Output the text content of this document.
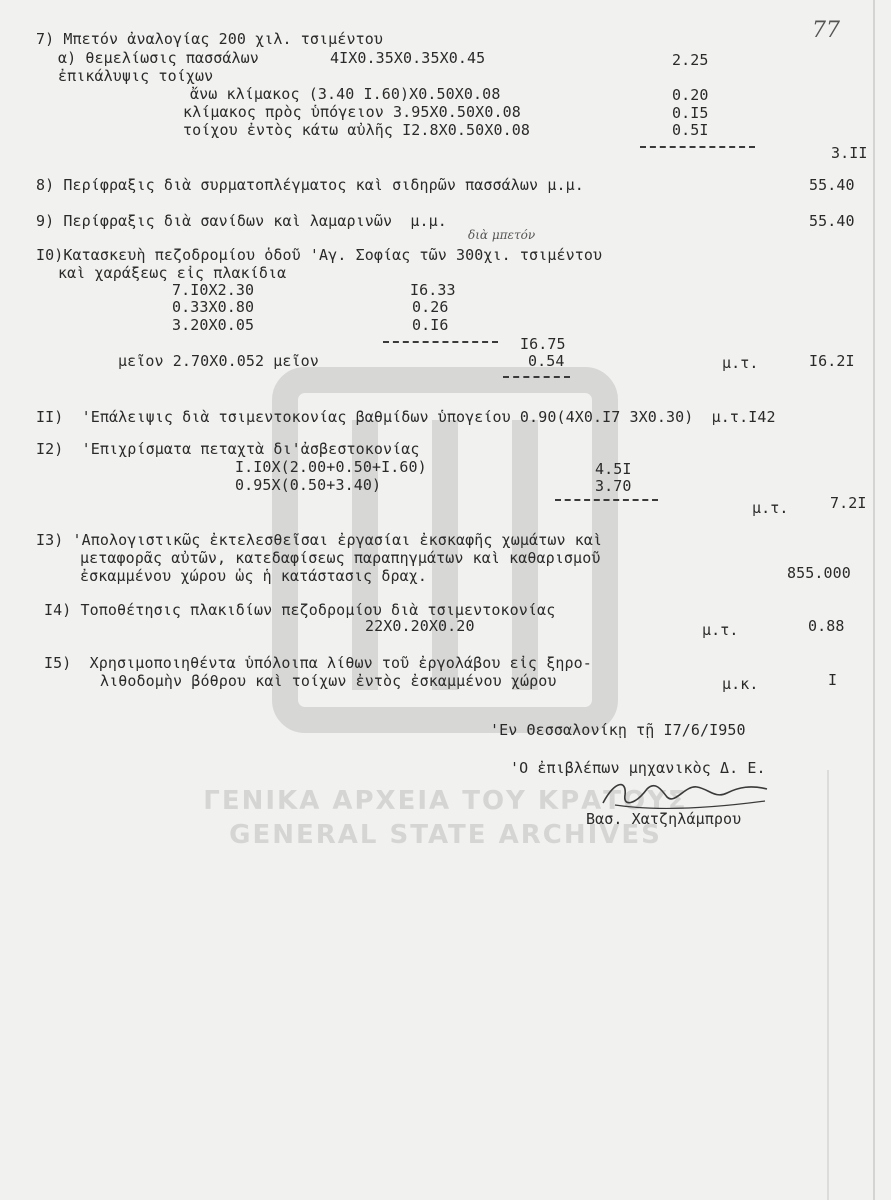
ΓΕΝΙΚΑ ΑΡΧΕΙΑ ΤΟΥ ΚΡΑΤΟΥΣ
GENERAL STATE ARCHIVES
77
7) Μπετόν ἀναλογίας 200 χιλ. τσιμέντου
α) θεμελίωσις πασσάλων	4IX0.35X0.35X0.45	2.25
ἐπικάλυψις τοίχων
ἄνω κλίμακος (3.40 I.60)X0.50X0.08	0.20
κλίμακος πρὸς ὑπόγειον 3.95X0.50X0.08	0.I5
τοίχου ἐντὸς κάτω αὐλῆς I2.8X0.50X0.08	0.5I
3.II
8) Περίφραξις διὰ συρματοπλέγματος καὶ σιδηρῶν πασσάλων μ.μ.	55.40
9) Περίφραξις διὰ σανίδων καὶ λαμαρινῶν  μ.μ.	55.40
διὰ μπετόν
I0)Κατασκευὴ πεζοδρομίου ὁδοῦ 'Αγ. Σοφίας τῶν 300χι. τσιμέντου
καὶ χαράξεως εἰς πλακίδια
7.I0X2.30	I6.33
0.33X0.80	0.26
3.20X0.05	0.I6
I6.75
μεῖον 2.70X0.052 μεῖον	0.54	μ.τ.	I6.2I
II)  'Επάλειψις διὰ τσιμεντοκονίας βαθμίδων ὑπογείου 0.90(4X0.I7 3X0.30)  μ.τ.I42
I2)  'Επιχρίσματα πεταχτὰ δι'ἀσβεστοκονίας
I.I0X(2.00+0.50+I.60)	4.5I
0.95X(0.50+3.40)	3.70
μ.τ.	7.2I
I3) 'Απολογιστικῶς ἐκτελεσθεῖσαι ἐργασίαι ἐκσκαφῆς χωμάτων καὶ
μεταφορᾶς αὐτῶν, κατεδαφίσεως παραπηγμάτων καὶ καθαρισμοῦ
ἐσκαμμένου χώρου ὡς ἡ κατάστασις δραχ.	855.000
I4) Τοποθέτησις πλακιδίων πεζοδρομίου διὰ τσιμεντοκονίας
22X0.20X0.20	μ.τ.	0.88
I5)  Χρησιμοποιηθέντα ὑπόλοιπα λίθων τοῦ ἐργολάβου εἰς ξηρο-
λιθοδομὴν βόθρου καὶ τοίχων ἐντὸς ἐσκαμμένου χώρου	μ.κ.	I
'Εν Θεσσαλονίκῃ τῇ I7/6/I950
'Ο ἐπιβλέπων μηχανικὸς Δ. Ε.
Βασ. Χατζηλάμπρου
